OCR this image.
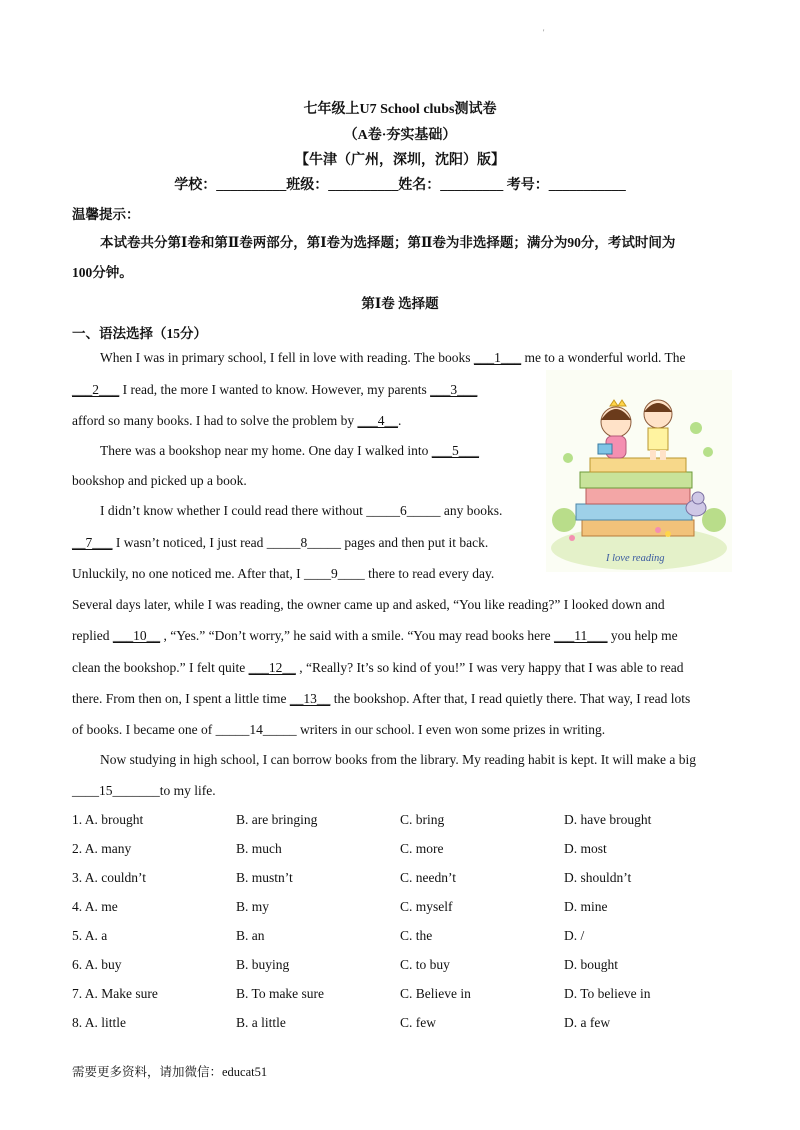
'
七年级上U7 School clubs测试卷
（A卷·夯实基础）
【牛津（广州，深圳，沈阳）版】
学校：__________班级：__________姓名：_________ 考号：___________
温馨提示：
本试卷共分第Ⅰ卷和第Ⅱ卷两部分，第Ⅰ卷为选择题；第Ⅱ卷为非选择题；满分为90分，考试时间为
100分钟。
第Ⅰ卷 选择题
一、语法选择（15分）
When I was in primary school, I fell in love with reading. The books ___1___ me to a wonderful world. The
___2___ I read, the more I wanted to know. However, my parents ___3___
afford so many books. I had to solve the problem by ___4__.
There was a bookshop near my home. One day I walked into ___5___
bookshop and picked up a book.
I didn’t know whether I could read there without _____6_____ any books.
__7___ I wasn’t noticed, I just read _____8_____ pages and then put it back.
Unluckily, no one noticed me. After that, I ____9____ there to read every day.
Several days later, while I was reading, the owner came up and asked, “You like reading?” I looked down and
replied ___10__ , “Yes.” “Don’t worry,” he said with a smile. “You may read books here ___11___ you help me
clean the bookshop.” I felt quite ___12__ , “Really? It’s so kind of you!” I was very happy that I was able to read
there. From then on, I spent a little time __13__ the bookshop. After that, I read quietly there. That way, I read lots
of books. I became one of _____14_____ writers in our school. I even won some prizes in writing.
Now studying in high school, I can borrow books from the library. My reading habit is kept. It will make a big
____15_______to my life.
I love reading
1. A. brought	B. are bringing	C. bring	D. have brought
2. A. many	B. much	C. more	D. most
3. A. couldn’t	B. mustn’t	C. needn’t	D. shouldn’t
4. A. me	B. my	C. myself	D. mine
5. A. a	B. an	C. the	D. /
6. A. buy	B. buying	C. to buy	D. bought
7. A. Make sure	B. To make sure	C. Believe in	D. To believe in
8. A. little	B. a little	C. few	D. a few
需要更多资料，请加微信：educat51
